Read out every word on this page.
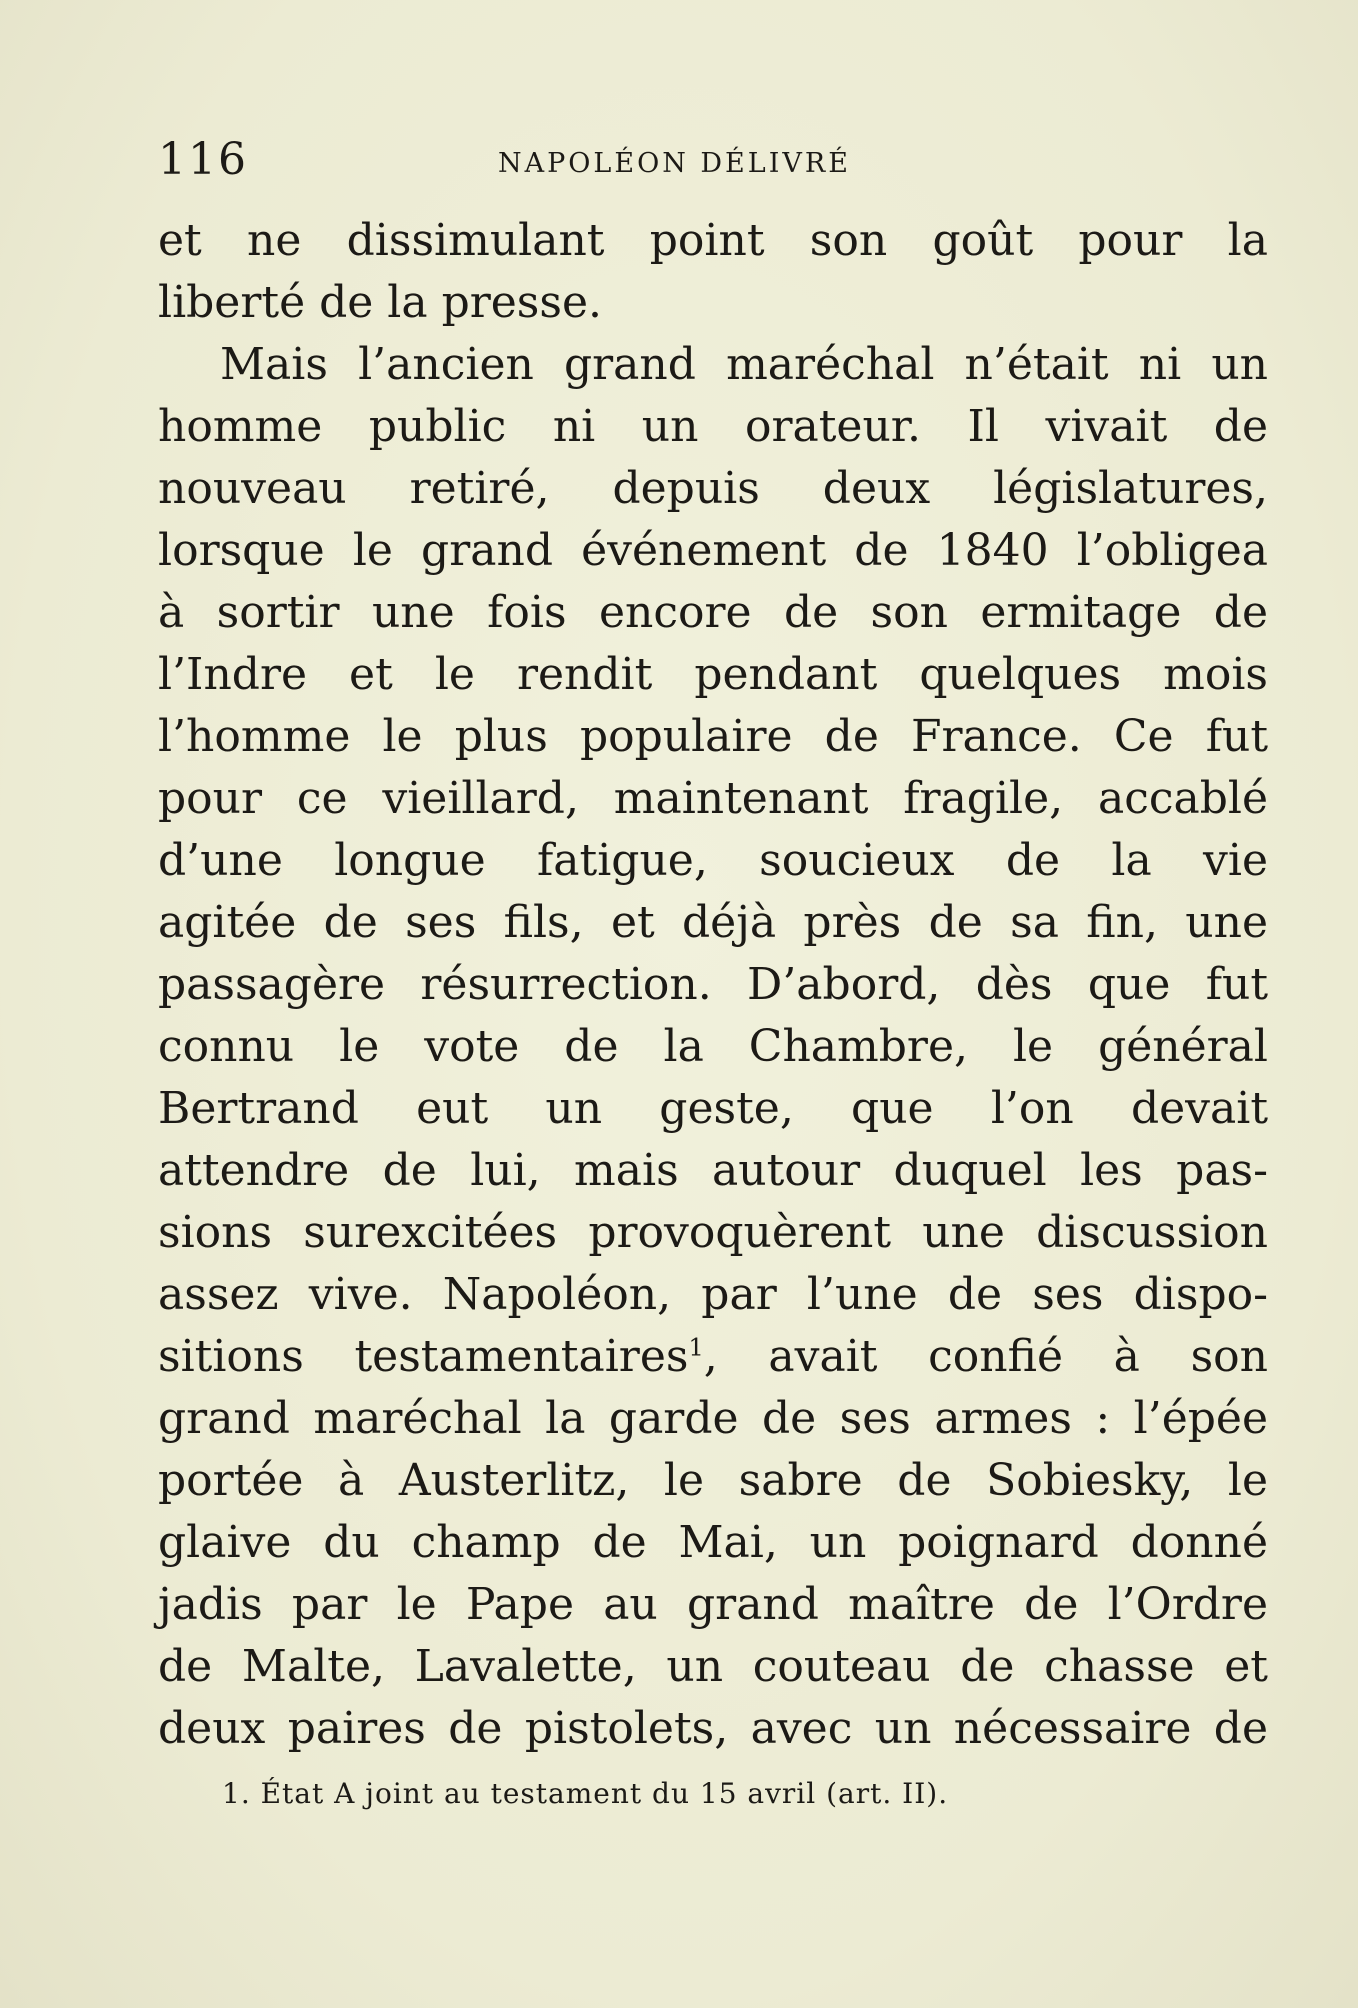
116	NAPOLÉON DÉLIVRÉ
et ne dissimulant point son goût pour la
liberté de la presse.
Mais l’ancien grand maréchal n’était ni un
homme public ni un orateur. Il vivait de
nouveau retiré, depuis deux législatures,
lorsque le grand événement de 1840 l’obligea
à sortir une fois encore de son ermitage de
l’Indre et le rendit pendant quelques mois
l’homme le plus populaire de France. Ce fut
pour ce vieillard, maintenant fragile, accablé
d’une longue fatigue, soucieux de la vie
agitée de ses fils, et déjà près de sa fin, une
passagère résurrection. D’abord, dès que fut
connu le vote de la Chambre, le général
Bertrand eut un geste, que l’on devait
attendre de lui, mais autour duquel les pas-
sions surexcitées provoquèrent une discussion
assez vive. Napoléon, par l’une de ses dispo-
sitions testamentaires$^1$, avait confié à son
grand maréchal la garde de ses armes : l’épée
portée à Austerlitz, le sabre de Sobiesky, le
glaive du champ de Mai, un poignard donné
jadis par le Pape au grand maître de l’Ordre
de Malte, Lavalette, un couteau de chasse et
deux paires de pistolets, avec un nécessaire de
1. État A joint au testament du 15 avril (art. II).
